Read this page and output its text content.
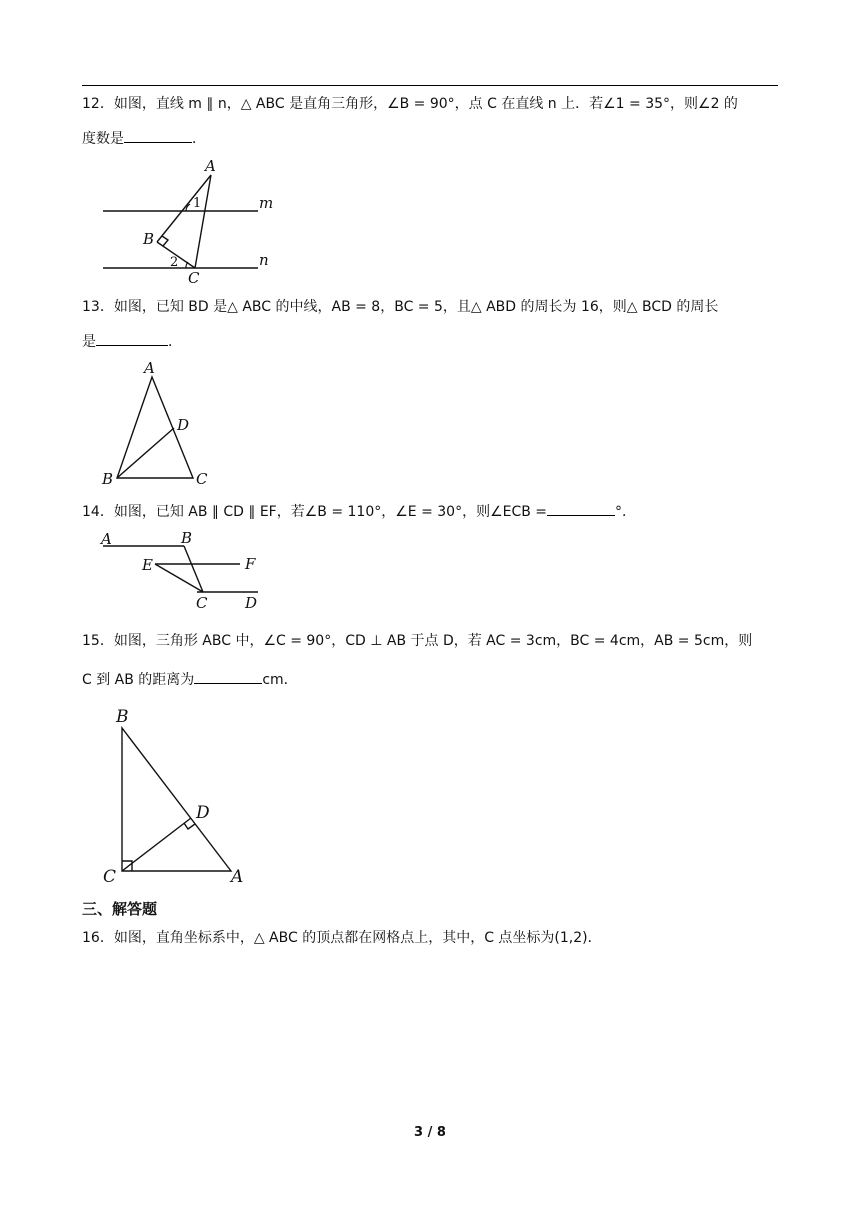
12．如图，直线 m ∥ n，△ ABC 是直角三角形，∠B = 90°，点 C 在直线 n 上．若∠1 = 35°，则∠2 的
度数是	．
A
B
C
m
n
1
2
13．如图，已知 BD 是△ ABC 的中线，AB = 8，BC = 5，且△ ABD 的周长为 16，则△ BCD 的周长
是	．
A
B	C
D
14．如图，已知 AB ∥ CD ∥ EF，若∠B = 110°，∠E = 30°，则∠ECB =	°．
A	B
E	F
C	D
15．如图，三角形 ABC 中，∠C = 90°，CD ⊥ AB 于点 D，若 AC = 3cm，BC = 4cm，AB = 5cm，则
C 到 AB 的距离为	cm．
B
C	A
D
三、解答题
16．如图，直角坐标系中，△ ABC 的顶点都在网格点上，其中，C 点坐标为(1,2)．
3 / 8
